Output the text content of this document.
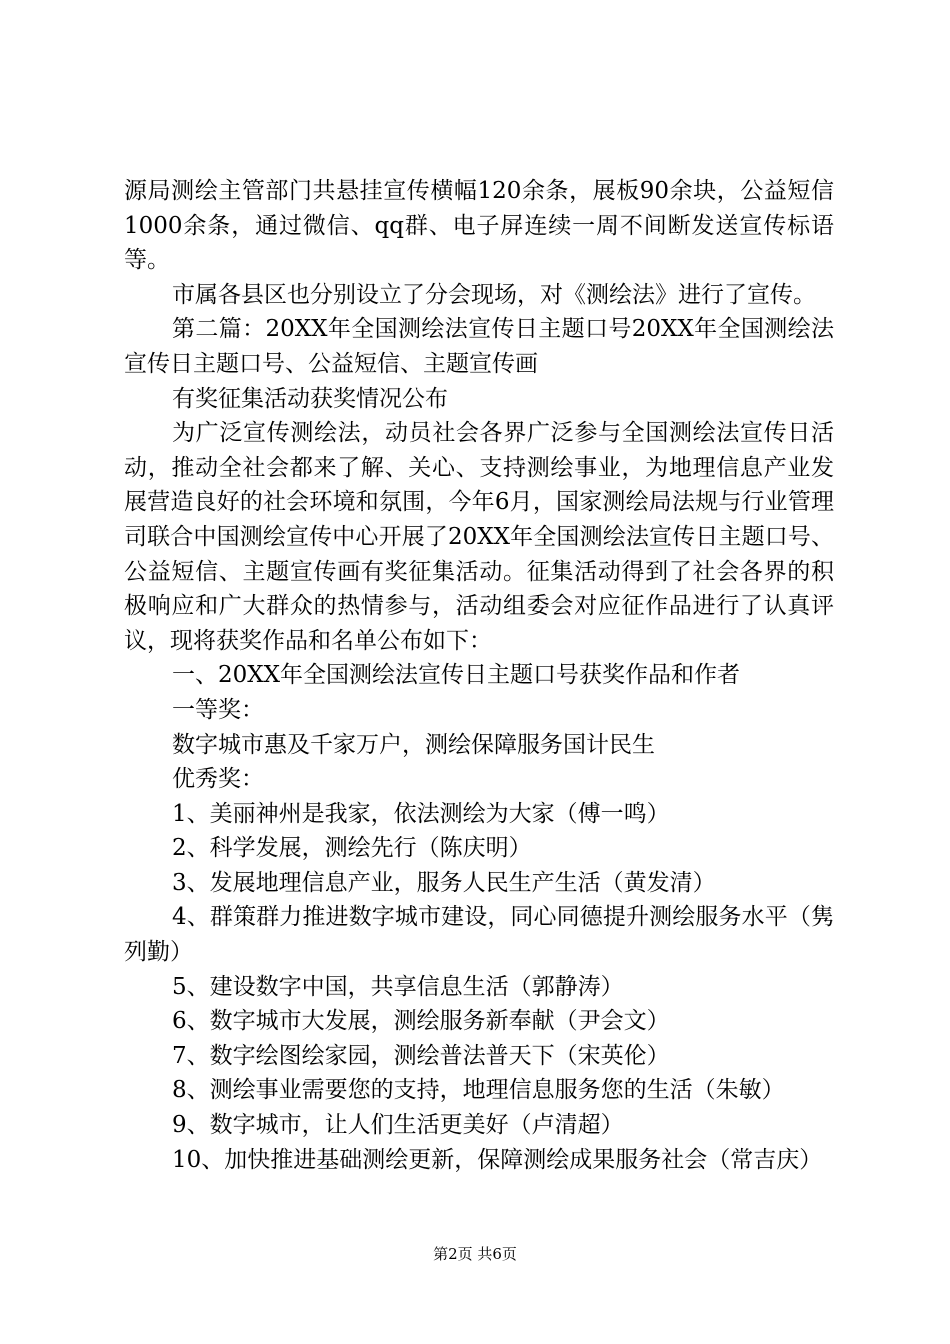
源局测绘主管部门共悬挂宣传横幅120余条，展板90余块，公益短信1000余条，通过微信、qq群、电子屏连续一周不间断发送宣传标语等。

市属各县区也分别设立了分会现场，对《测绘法》进行了宣传。

第二篇：20XX年全国测绘法宣传日主题口号20XX年全国测绘法宣传日主题口号、公益短信、主题宣传画

有奖征集活动获奖情况公布

为广泛宣传测绘法，动员社会各界广泛参与全国测绘法宣传日活动，推动全社会都来了解、关心、支持测绘事业，为地理信息产业发展营造良好的社会环境和氛围，今年6月，国家测绘局法规与行业管理司联合中国测绘宣传中心开展了20XX年全国测绘法宣传日主题口号、公益短信、主题宣传画有奖征集活动。征集活动得到了社会各界的积极响应和广大群众的热情参与，活动组委会对应征作品进行了认真评议，现将获奖作品和名单公布如下：

一、20XX年全国测绘法宣传日主题口号获奖作品和作者

一等奖：

数字城市惠及千家万户，测绘保障服务国计民生

优秀奖：

1、美丽神州是我家，依法测绘为大家（傅一鸣）

2、科学发展，测绘先行（陈庆明）

3、发展地理信息产业，服务人民生产生活（黄发清）

4、群策群力推进数字城市建设，同心同德提升测绘服务水平（隽列勤）

5、建设数字中国，共享信息生活（郭静涛）

6、数字城市大发展，测绘服务新奉献（尹会文）

7、数字绘图绘家园，测绘普法普天下（宋英伦）

8、测绘事业需要您的支持，地理信息服务您的生活（朱敏）

9、数字城市，让人们生活更美好（卢清超）

10、加快推进基础测绘更新，保障测绘成果服务社会（常吉庆）

第2页 共6页
